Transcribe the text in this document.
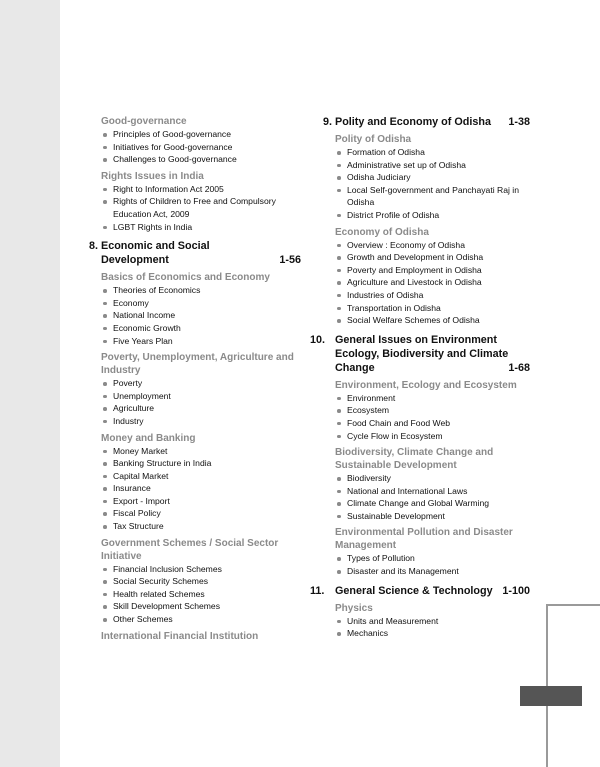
Good-governance
Principles of Good-governance
Initiatives for Good-governance
Challenges to Good-governance
Rights Issues in India
Right to Information Act 2005
Rights of Children to Free and Compulsory Education Act, 2009
LGBT Rights in India
8. Economic and Social Development	1-56
Basics of Economics and Economy
Theories of Economics
Economy
National Income
Economic Growth
Five Years Plan
Poverty, Unemployment, Agriculture and Industry
Poverty
Unemployment
Agriculture
Industry
Money and Banking
Money Market
Banking Structure in India
Capital Market
Insurance
Export - Import
Fiscal Policy
Tax Structure
Government Schemes / Social Sector Initiative
Financial Inclusion Schemes
Social Security Schemes
Health related Schemes
Skill Development Schemes
Other Schemes
International Financial Institution
9. Polity and Economy of Odisha	1-38
Polity of Odisha
Formation of Odisha
Administrative set up of Odisha
Odisha Judiciary
Local Self-government and Panchayati Raj in Odisha
District Profile of Odisha
Economy of Odisha
Overview : Economy of Odisha
Growth and Development in Odisha
Poverty and Employment in Odisha
Agriculture and Livestock in Odisha
Industries of Odisha
Transportation in Odisha
Social Welfare Schemes of Odisha
10. General Issues on Environment Ecology, Biodiversity and Climate Change	1-68
Environment, Ecology and Ecosystem
Environment
Ecosystem
Food Chain and Food Web
Cycle Flow in Ecosystem
Biodiversity, Climate Change and Sustainable Development
Biodiversity
National and International Laws
Climate Change and Global Warming
Sustainable Development
Environmental Pollution and Disaster Management
Types of Pollution
Disaster and its Management
11. General Science & Technology 1-100
Physics
Units and Measurement
Mechanics
